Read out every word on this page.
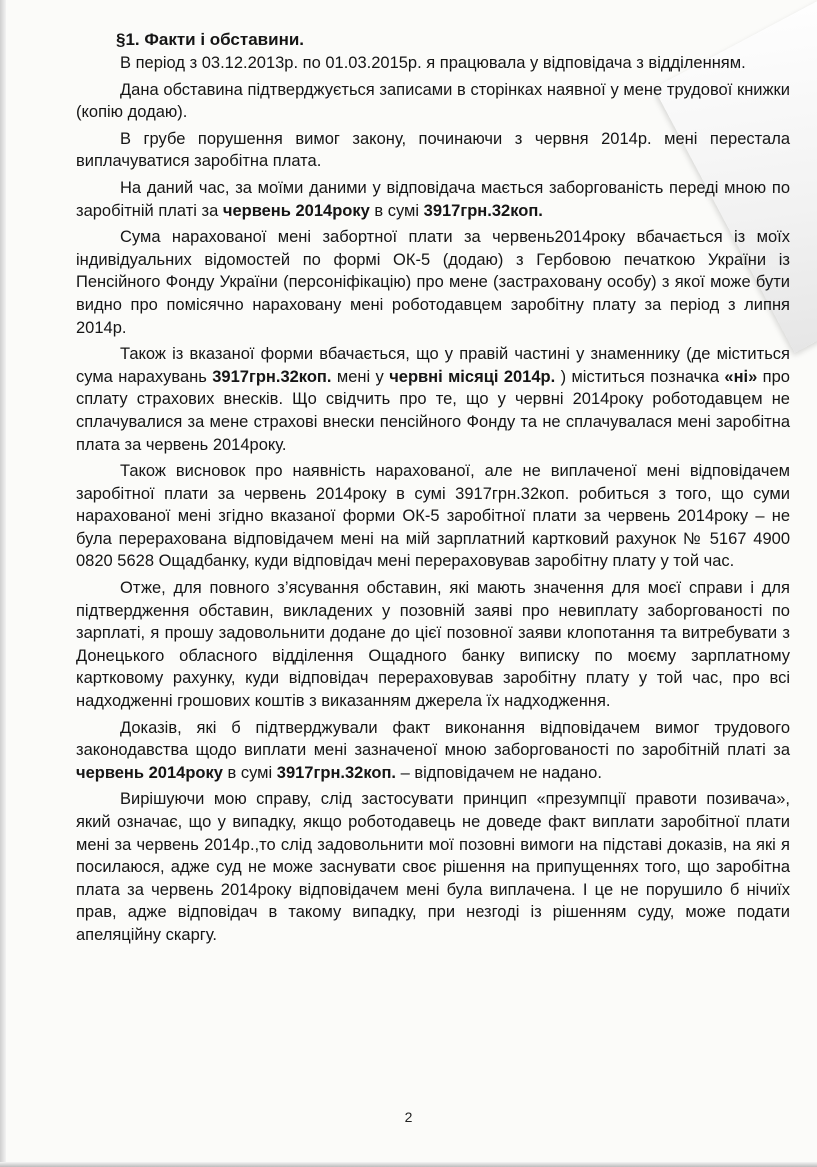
§1. Факти і обставини.

В період з 03.12.2013р. по 01.03.2015р. я працювала у відповідача з відділенням.

Дана обставина підтверджується записами в сторінках наявної у мене трудової книжки (копію додаю).

В грубе порушення вимог закону, починаючи з червня 2014р. мені перестала виплачуватися заробітна плата.

На даний час, за моїми даними у відповідача мається заборгованість переді мною по заробітній платі за червень 2014року в сумі 3917грн.32коп.

Сума нарахованої мені забортної плати за червень2014року вбачається із моїх індивідуальних відомостей по формі ОК-5 (додаю) з Гербовою печаткою України із Пенсійного Фонду України (персоніфікацію) про мене (застраховану особу) з якої може бути видно про помісячно нараховану мені роботодавцем заробітну плату за період з липня 2014р.

Також із вказаної форми вбачається, що у правій частині у знаменнику (де міститься сума нарахувань 3917грн.32коп. мені у червні місяці 2014р. ) міститься позначка «ні» про сплату страхових внесків. Що свідчить про те, що у червні 2014року роботодавцем не сплачувалися за мене страхові внески пенсійного Фонду та не сплачувалася мені заробітна плата за червень 2014року.

Також висновок про наявність нарахованої, але не виплаченої мені відповідачем заробітної плати за червень 2014року в сумі 3917грн.32коп. робиться з того, що суми нарахованої мені згідно вказаної форми ОК-5 заробітної плати за червень 2014року – не була перерахована відповідачем мені на мій зарплатний картковий рахунок № 5167 4900 0820 5628 Ощадбанку, куди відповідач мені перераховував заробітну плату у той час.

Отже, для повного з’ясування обставин, які мають значення для моєї справи і для підтвердження обставин, викладених у позовній заяві про невиплату заборгованості по зарплаті, я прошу задовольнити додане до цієї позовної заяви клопотання та витребувати з Донецького обласного відділення Ощадного банку виписку по моєму зарплатному картковому рахунку, куди відповідач перераховував заробітну плату у той час, про всі надходженні грошових коштів з виказанням джерела їх надходження.

Доказів, які б підтверджували факт виконання відповідачем вимог трудового законодавства щодо виплати мені зазначеної мною заборгованості по заробітній платі за червень 2014року в сумі 3917грн.32коп. – відповідачем не надано.

Вирішуючи мою справу, слід застосувати принцип «презумпції правоти позивача», який означає, що у випадку, якщо роботодавець не доведе факт виплати заробітної плати мені за червень 2014р.,то слід задовольнити мої позовні вимоги на підставі доказів, на які я посилаюся, адже суд не може заснувати своє рішення на припущеннях того, що заробітна плата за червень 2014року відповідачем мені була виплачена. І це не порушило б нічиїх прав, адже відповідач в такому випадку, при незгоді із рішенням суду, може подати апеляційну скаргу.

2
